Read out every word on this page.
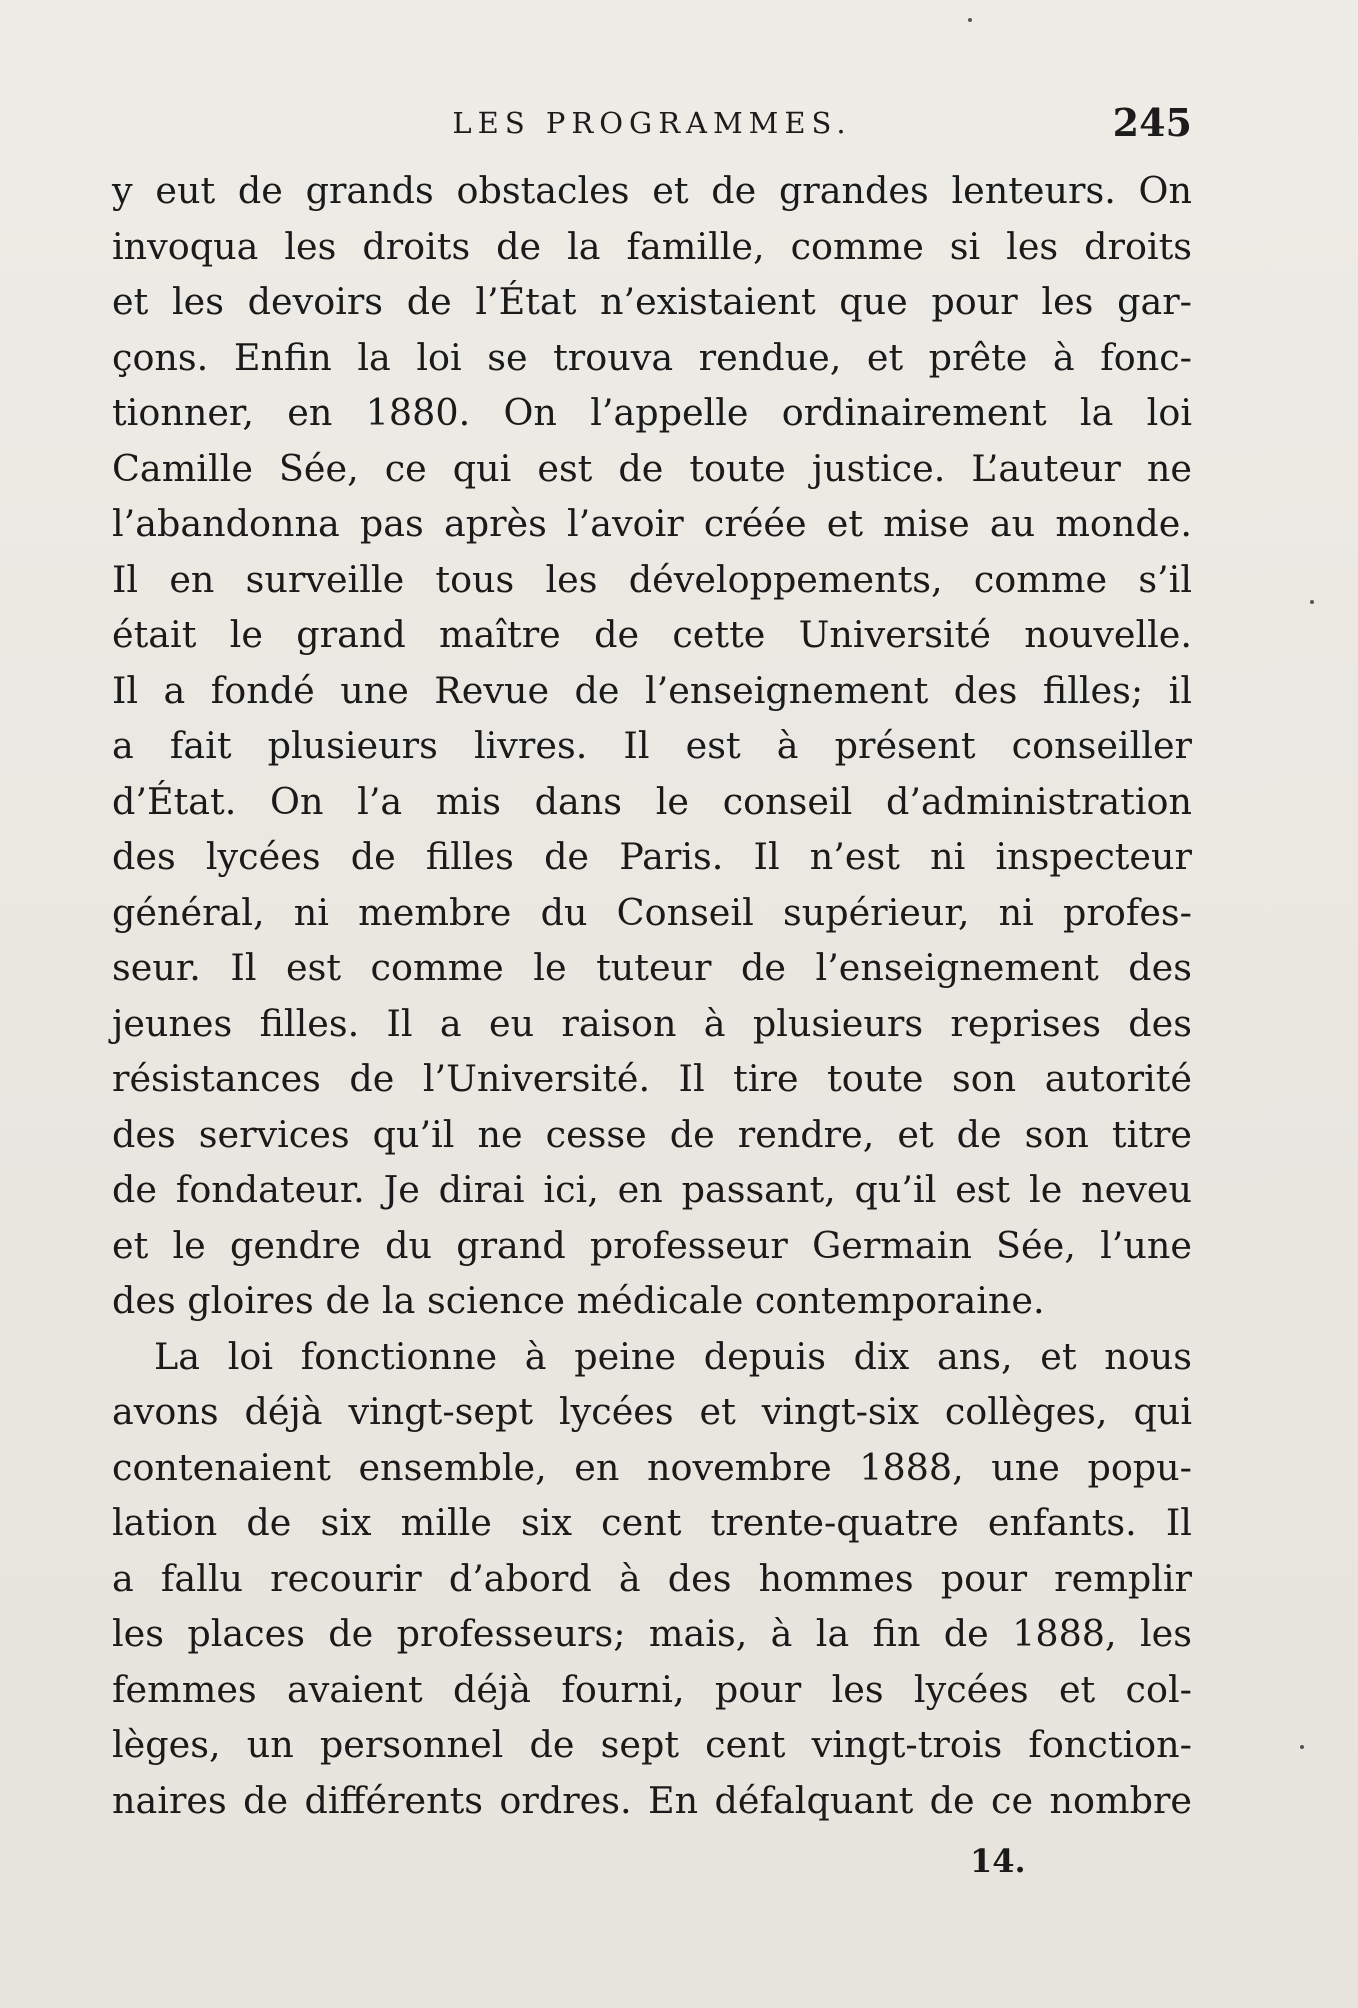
LES PROGRAMMES.	245
y eut de grands obstacles et de grandes lenteurs. On
invoqua les droits de la famille, comme si les droits
et les devoirs de l’État n’existaient que pour les gar-
çons. Enfin la loi se trouva rendue, et prête à fonc-
tionner, en 1880. On l’appelle ordinairement la loi
Camille Sée, ce qui est de toute justice. L’auteur ne
l’abandonna pas après l’avoir créée et mise au monde.
Il en surveille tous les développements, comme s’il
était le grand maître de cette Université nouvelle.
Il a fondé une Revue de l’enseignement des filles; il
a fait plusieurs livres. Il est à présent conseiller
d’État. On l’a mis dans le conseil d’administration
des lycées de filles de Paris. Il n’est ni inspecteur
général, ni membre du Conseil supérieur, ni profes-
seur. Il est comme le tuteur de l’enseignement des
jeunes filles. Il a eu raison à plusieurs reprises des
résistances de l’Université. Il tire toute son autorité
des services qu’il ne cesse de rendre, et de son titre
de fondateur. Je dirai ici, en passant, qu’il est le neveu
et le gendre du grand professeur Germain Sée, l’une
des gloires de la science médicale contemporaine.
La loi fonctionne à peine depuis dix ans, et nous
avons déjà vingt-sept lycées et vingt-six collèges, qui
contenaient ensemble, en novembre 1888, une popu-
lation de six mille six cent trente-quatre enfants. Il
a fallu recourir d’abord à des hommes pour remplir
les places de professeurs; mais, à la fin de 1888, les
femmes avaient déjà fourni, pour les lycées et col-
lèges, un personnel de sept cent vingt-trois fonction-
naires de différents ordres. En défalquant de ce nombre
14.
